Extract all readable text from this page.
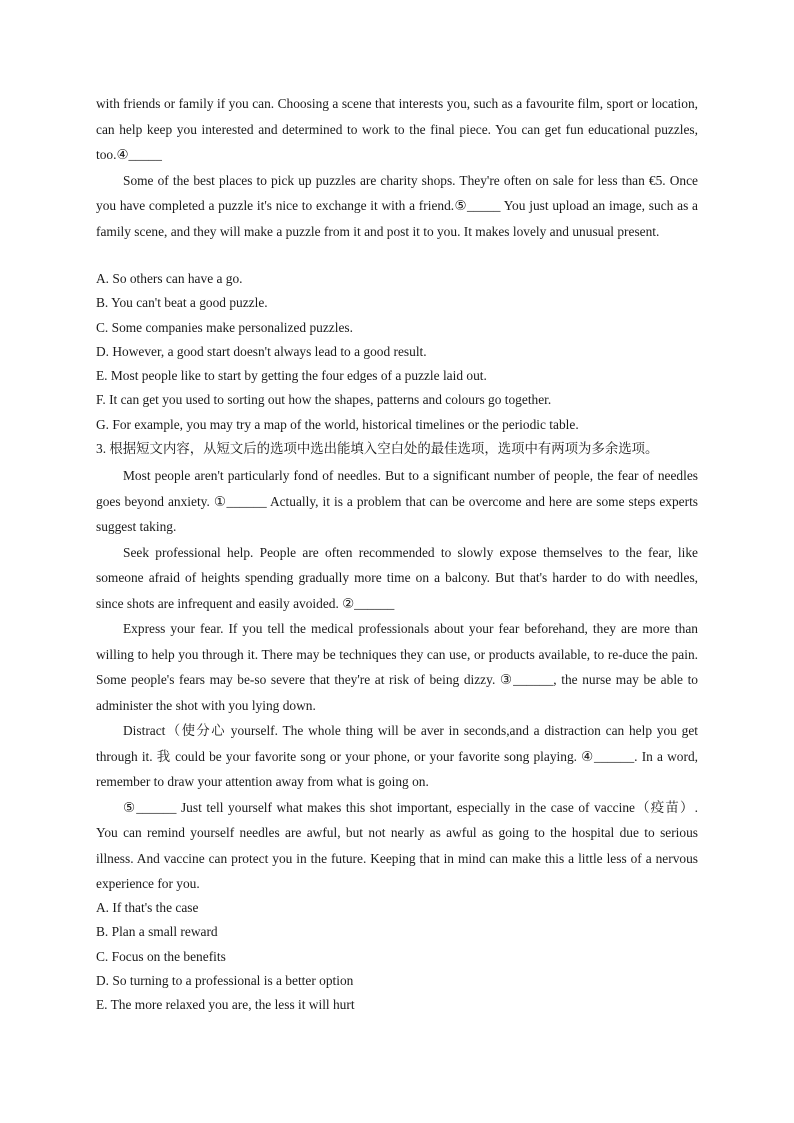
with friends or family if you can. Choosing a scene that interests you, such as a favourite film, sport or location, can help keep you interested and determined to work to the final piece. You can get fun educational puzzles, too.④_____

Some of the best places to pick up puzzles are charity shops. They're often on sale for less than €5. Once you have completed a puzzle it's nice to exchange it with a friend.⑤_____ You just upload an image, such as a family scene, and they will make a puzzle from it and post it to you. It makes lovely and unusual present.

A. So others can have a go.

B. You can't beat a good puzzle.

C. Some companies make personalized puzzles.

D. However, a good start doesn't always lead to a good result.

E. Most people like to start by getting the four edges of a puzzle laid out.

F. It can get you used to sorting out how the shapes, patterns and colours go together.

G. For example, you may try a map of the world, historical timelines or the periodic table.

3. 根据短文内容，从短文后的选项中选出能填入空白处的最佳选项，选项中有两项为多余选项。

Most people aren't particularly fond of needles. But to a significant number of people, the fear of needles goes beyond anxiety. ①______ Actually, it is a problem that can be overcome and here are some steps experts suggest taking.

Seek professional help. People are often recommended to slowly expose themselves to the fear, like someone afraid of heights spending gradually more time on a balcony. But that's harder to do with needles, since shots are infrequent and easily avoided. ②______

Express your fear. If you tell the medical professionals about your fear beforehand, they are more than willing to help you through it. There may be techniques they can use, or products available, to re-duce the pain. Some people's fears may be-so severe that they're at risk of being dizzy. ③______, the nurse may be able to administer the shot with you lying down.

Distract（使分心 yourself. The whole thing will be aver in seconds,and a distraction can help you get through it. 我 could be your favorite song or your phone, or your favorite song playing. ④______. In a word, remember to draw your attention away from what is going on.

⑤______ Just tell yourself what makes this shot important, especially in the case of vaccine（疫苗）. You can remind yourself needles are awful, but not nearly as awful as going to the hospital due to serious illness. And vaccine can protect you in the future. Keeping that in mind can make this a little less of a nervous experience for you.

A. If that's the case

B. Plan a small reward

C. Focus on the benefits

D. So turning to a professional is a better option

E. The more relaxed you are, the less it will hurt
